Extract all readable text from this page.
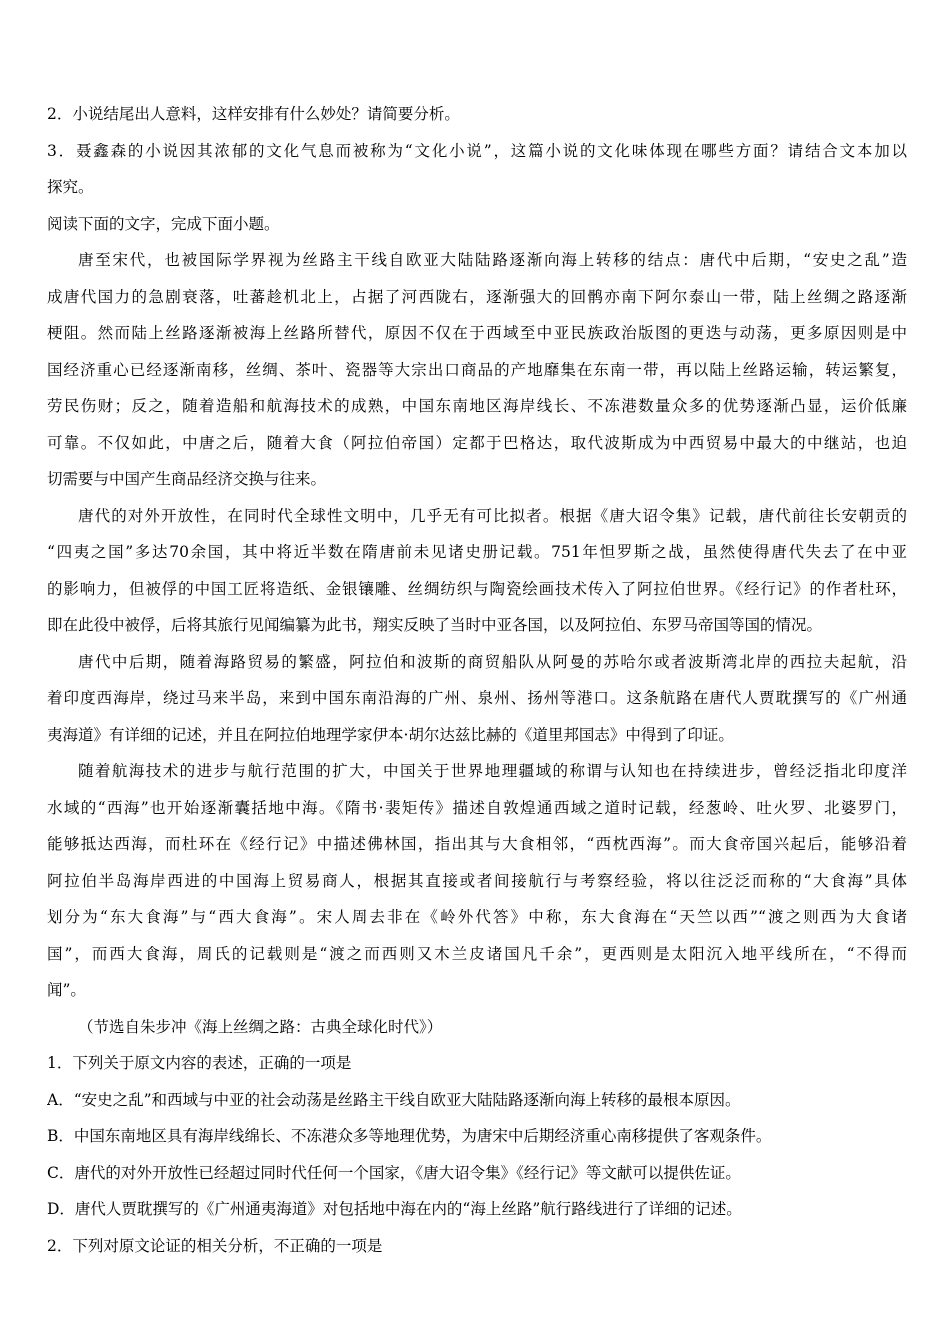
2．小说结尾出人意料，这样安排有什么妙处？请简要分析。
3．聂鑫森的小说因其浓郁的文化气息而被称为“文化小说”，这篇小说的文化味体现在哪些方面？请结合文本加以
探究。
阅读下面的文字，完成下面小题。
唐至宋代，也被国际学界视为丝路主干线自欧亚大陆陆路逐渐向海上转移的结点：唐代中后期，“安史之乱”造
成唐代国力的急剧衰落，吐蕃趁机北上，占据了河西陇右，逐渐强大的回鹘亦南下阿尔泰山一带，陆上丝绸之路逐渐
梗阻。然而陆上丝路逐渐被海上丝路所替代，原因不仅在于西域至中亚民族政治版图的更迭与动荡，更多原因则是中
国经济重心已经逐渐南移，丝绸、茶叶、瓷器等大宗出口商品的产地靡集在东南一带，再以陆上丝路运输，转运繁复，
劳民伤财；反之，随着造船和航海技术的成熟，中国东南地区海岸线长、不冻港数量众多的优势逐渐凸显，运价低廉
可靠。不仅如此，中唐之后，随着大食（阿拉伯帝国）定都于巴格达，取代波斯成为中西贸易中最大的中继站，也迫
切需要与中国产生商品经济交换与往来。
唐代的对外开放性，在同时代全球性文明中，几乎无有可比拟者。根据《唐大诏令集》记载，唐代前往长安朝贡的
“四夷之国”多达70余国，其中将近半数在隋唐前未见诸史册记载。751年怛罗斯之战，虽然使得唐代失去了在中亚
的影响力，但被俘的中国工匠将造纸、金银镶雕、丝绸纺织与陶瓷绘画技术传入了阿拉伯世界。《经行记》的作者杜环，
即在此役中被俘，后将其旅行见闻编纂为此书，翔实反映了当时中亚各国，以及阿拉伯、东罗马帝国等国的情况。
唐代中后期，随着海路贸易的繁盛，阿拉伯和波斯的商贸船队从阿曼的苏哈尔或者波斯湾北岸的西拉夫起航，沿
着印度西海岸，绕过马来半岛，来到中国东南沿海的广州、泉州、扬州等港口。这条航路在唐代人贾耽撰写的《广州通
夷海道》有详细的记述，并且在阿拉伯地理学家伊本·胡尔达兹比赫的《道里邦国志》中得到了印证。
随着航海技术的进步与航行范围的扩大，中国关于世界地理疆域的称谓与认知也在持续进步，曾经泛指北印度洋
水域的“西海”也开始逐渐囊括地中海。《隋书·裴矩传》描述自敦煌通西域之道时记载，经葱岭、吐火罗、北婆罗门，
能够抵达西海，而杜环在《经行记》中描述佛林国，指出其与大食相邻，“西枕西海”。而大食帝国兴起后，能够沿着
阿拉伯半岛海岸西进的中国海上贸易商人，根据其直接或者间接航行与考察经验，将以往泛泛而称的“大食海”具体
划分为“东大食海”与“西大食海”。宋人周去非在《岭外代答》中称，东大食海在“天竺以西”“渡之则西为大食诸
国”，而西大食海，周氏的记载则是“渡之而西则又木兰皮诸国凡千余”，更西则是太阳沉入地平线所在，“不得而
闻”。
（节选自朱步冲《海上丝绸之路：古典全球化时代》）
1．下列关于原文内容的表述，正确的一项是
A．“安史之乱”和西域与中亚的社会动荡是丝路主干线自欧亚大陆陆路逐渐向海上转移的最根本原因。
B．中国东南地区具有海岸线绵长、不冻港众多等地理优势，为唐宋中后期经济重心南移提供了客观条件。
C．唐代的对外开放性已经超过同时代任何一个国家，《唐大诏令集》《经行记》等文献可以提供佐证。
D．唐代人贾耽撰写的《广州通夷海道》对包括地中海在内的“海上丝路”航行路线进行了详细的记述。
2．下列对原文论证的相关分析，不正确的一项是
